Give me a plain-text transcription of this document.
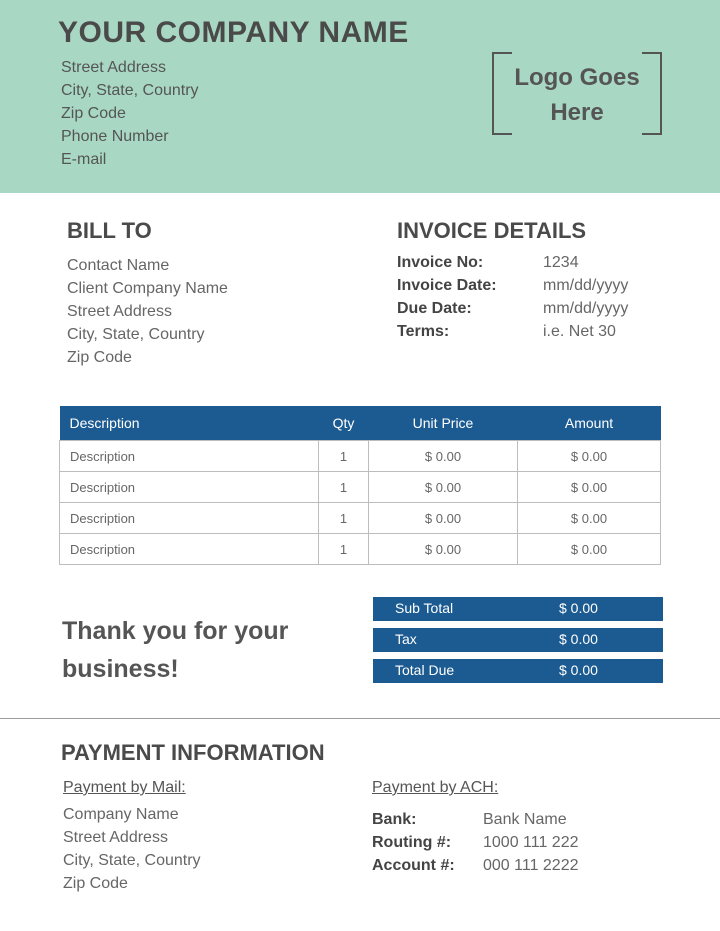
YOUR COMPANY NAME
Street Address
City, State, Country
Zip Code
Phone Number
E-mail
Logo Goes
Here
BILL TO
Contact Name
Client Company Name
Street Address
City, State, Country
Zip Code
INVOICE DETAILS
Invoice No:	1234
Invoice Date:	mm/dd/yyyy
Due Date:	mm/dd/yyyy
Terms:	i.e. Net 30
Description	Qty	Unit Price	Amount
Description	1	$ 0.00	$ 0.00
Description	1	$ 0.00	$ 0.00
Description	1	$ 0.00	$ 0.00
Description	1	$ 0.00	$ 0.00
Thank you for your
business!
Sub Total	$ 0.00
Tax	$ 0.00
Total Due	$ 0.00
PAYMENT INFORMATION
Payment by Mail:
Company Name
Street Address
City, State, Country
Zip Code
Payment by ACH:
Bank:	Bank Name
Routing #: 1000 111 222
Account #: 000 111 2222
